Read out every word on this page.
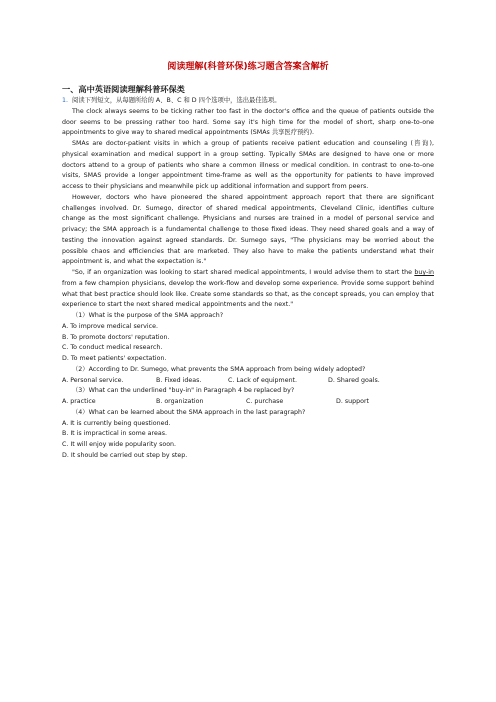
阅读理解(科普环保)练习题含答案含解析
一、高中英语阅读理解科普环保类

1. 阅读下列短文，从每题所给的 A、B、C 和 D 四个选项中，选出最佳选项。

The clock always seems to be ticking rather too fast in the doctor's office and the queue of patients outside the door seems to be pressing rather too hard. Some say it's high time for the model of short, sharp one-to-one appointments to give way to shared medical appointments (SMAs 共享医疗预约).

SMAs are doctor-patient visits in which a group of patients receive patient education and counseling (咨询), physical examination and medical support in a group setting. Typically SMAs are designed to have one or more doctors attend to a group of patients who share a common illness or medical condition. In contrast to one-to-one visits, SMAS provide a longer appointment time-frame as well as the opportunity for patients to have improved access to their physicians and meanwhile pick up additional information and support from peers.

However, doctors who have pioneered the shared appointment approach report that there are significant challenges involved. Dr. Sumego, director of shared medical appointments, Cleveland Clinic, identifies culture change as the most significant challenge. Physicians and nurses are trained in a model of personal service and privacy; the SMA approach is a fundamental challenge to those fixed ideas. They need shared goals and a way of testing the innovation against agreed standards. Dr. Sumego says, "The physicians may be worried about the possible chaos and efficiencies that are marketed. They also have to make the patients understand what their appointment is, and what the expectation is."

"So, if an organization was looking to start shared medical appointments, I would advise them to start the buy-in from a few champion physicians, develop the work-flow and develop some experience. Provide some support behind what that best practice should look like. Create some standards so that, as the concept spreads, you can employ that experience to start the next shared medical appointments and the next."

（1）What is the purpose of the SMA approach?

A. To improve medical service.

B. To promote doctors' reputation.

C. To conduct medical research.

D. To meet patients' expectation.

（2）According to Dr. Sumego, what prevents the SMA approach from being widely adopted?

A. Personal service.	B. Fixed ideas.	C. Lack of equipment.	D. Shared goals.

（3）What can the underlined "buy-in" in Paragraph 4 be replaced by?

A. practice	B. organization	C. purchase	D. support

（4）What can be learned about the SMA approach in the last paragraph?

A. It is currently being questioned.

B. It is impractical in some areas.

C. It will enjoy wide popularity soon.

D. It should be carried out step by step.
